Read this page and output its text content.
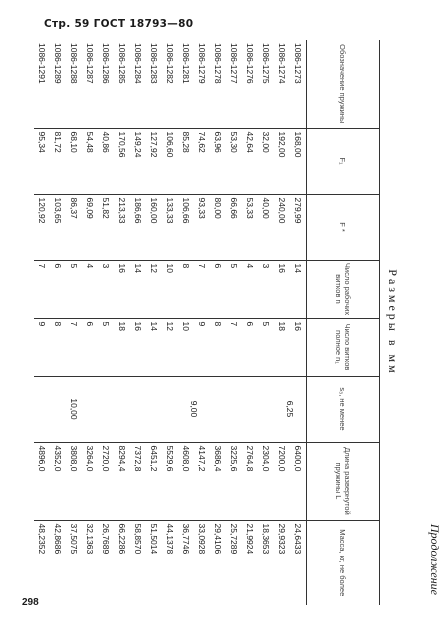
Стр. 59 ГОСТ 18793—80
298
Продолжение
Размеры в мм
Обозначение пружины	F₁	F *	Число рабочих витков n	Число витков полное n₁	s₃, не менее	Длина развернутой пружины L	Масса, кг, не более
1086-1273	168,00	279,99	14	16	6,25	6400,0	24,6433
1086-1274	192,00	240,00	16	18		7200,0	29,9323
1086-1275	32,00	40,00	3	5	9,00	2304,0	18,3653
1086-1276	42,64	53,33	4	6		2764,8	21,9924
1086-1277	53,30	66,66	5	7		3225,6	25,7289
1086-1278	63,96	80,00	6	8		3686,4	29,4106
1086-1279	74,62	93,33	7	9		4147,2	33,0928
1086-1281	85,28	106,66	8	10		4608,0	36,7746
1086-1282	106,60	133,33	10	12		5529,6	44,1378
1086-1283	127,92	160,00	12	14		6451,2	51,5014
1086-1284	149,24	186,66	14	16		7372,8	58,8570
1086-1285	170,56	213,33	16	18		8294,4	66,2286
1086-1286	40,86	51,82	3	5	10,00	2720,0	26,7689
1086-1287	54,48	69,09	4	6		3264,0	32,1363
1086-1288	68,10	86,37	5	7		3808,0	37,5075
1086-1289	81,72	103,65	6	8		4352,0	42,8686
1086-1291	95,34	120,92	7	9		4896,0	48,2352
